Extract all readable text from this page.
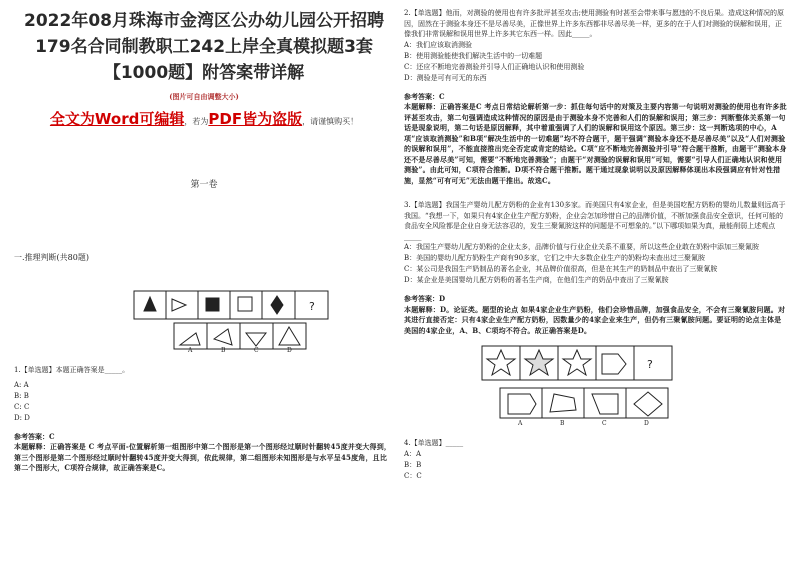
2022年08月珠海市金湾区公办幼儿园公开招聘

179名合同制教职工242上岸全真模拟题3套

【1000题】附答案带详解

(图片可自由调整大小)
全文为Word可编辑，若为PDF皆为盗版，请谨慎购买！
第一卷
一.推理判断(共80题)
?
A	B	C	D
1.【单选题】本题正确答案是_____。
A: A
B: B
C: C
D: D
参考答案：C
本题解释：正确答案是 C 考点平面-位置解析第一组图形中第二个图形是第一个图形经过顺时针翻转45度并变大得到，第三个图形是第二个图形经过顺时针翻转45度并变大得到，依此规律，第二组图形未知图形是与水平呈45度角，且比第二个图形大，C项符合规律，故正确答案是C。
2.【单选题】他而，对测验的使用也有许多批评甚至攻击;使用测验有时甚至会带来事与愿违的不良后果。造成这种情况的原因，固然在于测验本身还不是尽善尽美，正像世界上许多东西都非尽善尽美一样，更多的在于人们对测验的误解和误用，正像我们非常误解和误用世界上许多其它东西一样。因此_____。
A：我们应该取消测验
B：使用测验能使我们解决生活中的一切难题
C：还应不断地完善测验并引导人们正确地认识和使用测验
D：测验是可有可无的东西
参考答案：C
本题解释：正确答案是C 考点日常结论解析第一步：抓住每句话中的对策及主要内容第一句说明对测验的使用也有许多批评甚至攻击，第二句强调造成这种情况的原因是由于测验本身不完善和人们的误解和误用；第三步：判断整体关系第一句话是现象说明，第二句话是原因解释，其中着重强调了人们的误解和误用这个原因。第三步：这一判断选项的中心，A项“应该取消测验”和B项“解决生活中的一切难题”均不符合题干，题干强调“测验本身还不是尽善尽美”以及“人们对测验的误解和误用”，不能直接推出完全否定或肯定的结论。C项“应不断地完善测验并引导”符合题干推断，由题干“测验本身还不是尽善尽美”可知，需要“不断地完善测验”；由题干“对测验的误解和误用”可知，需要“引导人们正确地认识和使用测验”。由此可知，C项符合推断。D项不符合题干推断。题干通过现象说明以及原因解释体现出本段强调应有针对性措施，显然“可有可无”无法由题干推出。故选C。
3.【单选题】我国生产婴幼儿配方奶粉的企业有130多家。而美国只有4家企业，但是美国吃配方奶粉的婴幼儿数量则远高于我国。“我想一下，如果只有4家企业生产配方奶粉，企业会怎加珍惜自己的品牌价值，不断加强食品安全意识，任何可能的食品安全风险都是企业自身无法容忍的，发生三聚氰胺这样的问题是不可想象的。”以下哪项如果为真，最能削弱上述观点_____
A：我国生产婴幼儿配方奶粉的企业太多，品牌价值与行业企业关系不重要，所以这些企业敢在奶粉中添加三聚氰胺
B：美国的婴幼儿配方奶粉生产商有90多家，它们之中大多数企业生产的奶粉均未查出过三聚氰胺
C：某公司是我国生产奶制品的著名企业，其品牌价值很高，但是在其生产的奶制品中查出了三聚氰胺
D：某企业是美国婴幼儿配方奶粉的著名生产商，在他们生产的奶品中查出了三聚氰胺
参考答案：D
本题解释：D。论证类。题型的论点 如果4家企业生产奶粉，他们会珍惜品牌，加强食品安全，不会有三聚氰胺问题。对其进行直接否定：只有4家企业生产配方奶粉，因数量少的4家企业来生产，但仍有三聚氰胺问题。要证明的论点主体是美国的4家企业，A、B、C项均不符合。故正确答案是D。
?
A	B	C	D
4.【单选题】_____
A：A
B：B
C：C
